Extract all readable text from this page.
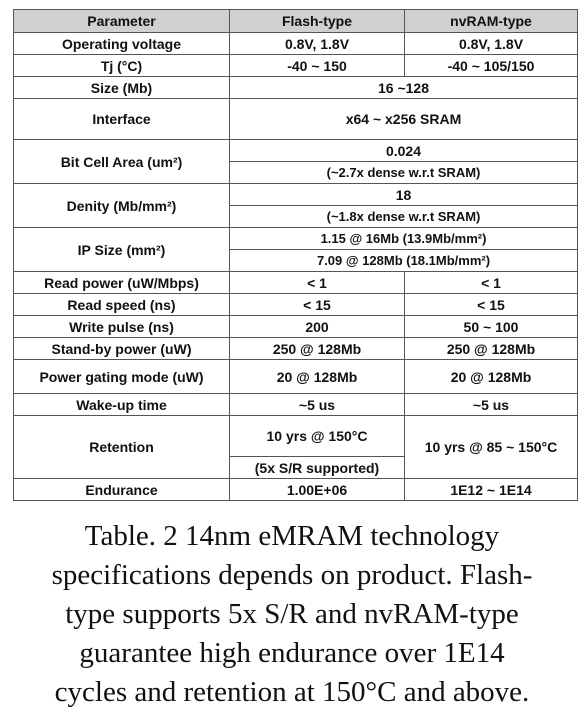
Parameter	Flash-type	nvRAM-type
Operating voltage	0.8V, 1.8V	0.8V, 1.8V
Tj (°C)	-40 ~ 150	-40 ~ 105/150
Size (Mb)	16 ~128	
Interface	x64 ~ x256 SRAM	
Bit Cell Area (um²)	0.024	
	(~2.7x dense w.r.t SRAM)	
Denity (Mb/mm²)	18	
	(~1.8x dense w.r.t SRAM)	
IP Size (mm²)	1.15 @ 16Mb (13.9Mb/mm²)	
	7.09 @ 128Mb (18.1Mb/mm²)	
Read power (uW/Mbps)	< 1	< 1
Read speed (ns)	< 15	< 15
Write pulse (ns)	200	50 ~ 100
Stand-by power (uW)	250 @ 128Mb	250 @ 128Mb
Power gating mode (uW)	20 @ 128Mb	20 @ 128Mb
Wake-up time	~5 us	~5 us
Retention	10 yrs @ 150°C	10 yrs @ 85 ~ 150°C
	(5x S/R supported)	
Endurance	1.00E+06	1E12 ~ 1E14
Table. 2 14nm eMRAM technology
specifications depends on product. Flash-
type supports 5x S/R and nvRAM-type
guarantee high endurance over 1E14
cycles and retention at 150°C and above.
